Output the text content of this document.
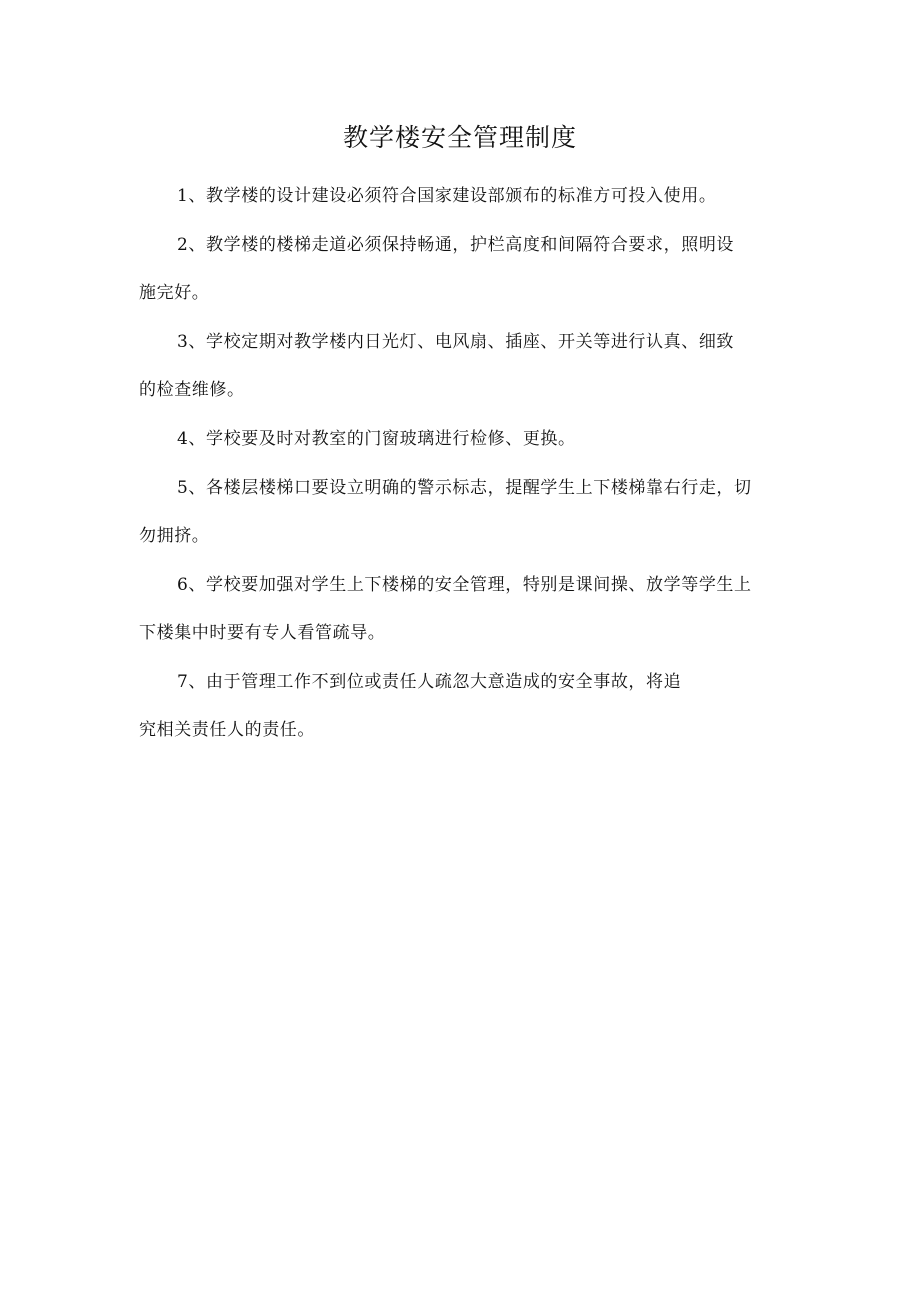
教学楼安全管理制度

1、教学楼的设计建设必须符合国家建设部颁布的标准方可投入使用。

2、教学楼的楼梯走道必须保持畅通，护栏高度和间隔符合要求，照明设
施完好。

3、学校定期对教学楼内日光灯、电风扇、插座、开关等进行认真、细致
的检查维修。

4、学校要及时对教室的门窗玻璃进行检修、更换。

5、各楼层楼梯口要设立明确的警示标志，提醒学生上下楼梯靠右行走，切
勿拥挤。

6、学校要加强对学生上下楼梯的安全管理，特别是课间操、放学等学生上
下楼集中时要有专人看管疏导。

7、由于管理工作不到位或责任人疏忽大意造成的安全事故，将追
究相关责任人的责任。
